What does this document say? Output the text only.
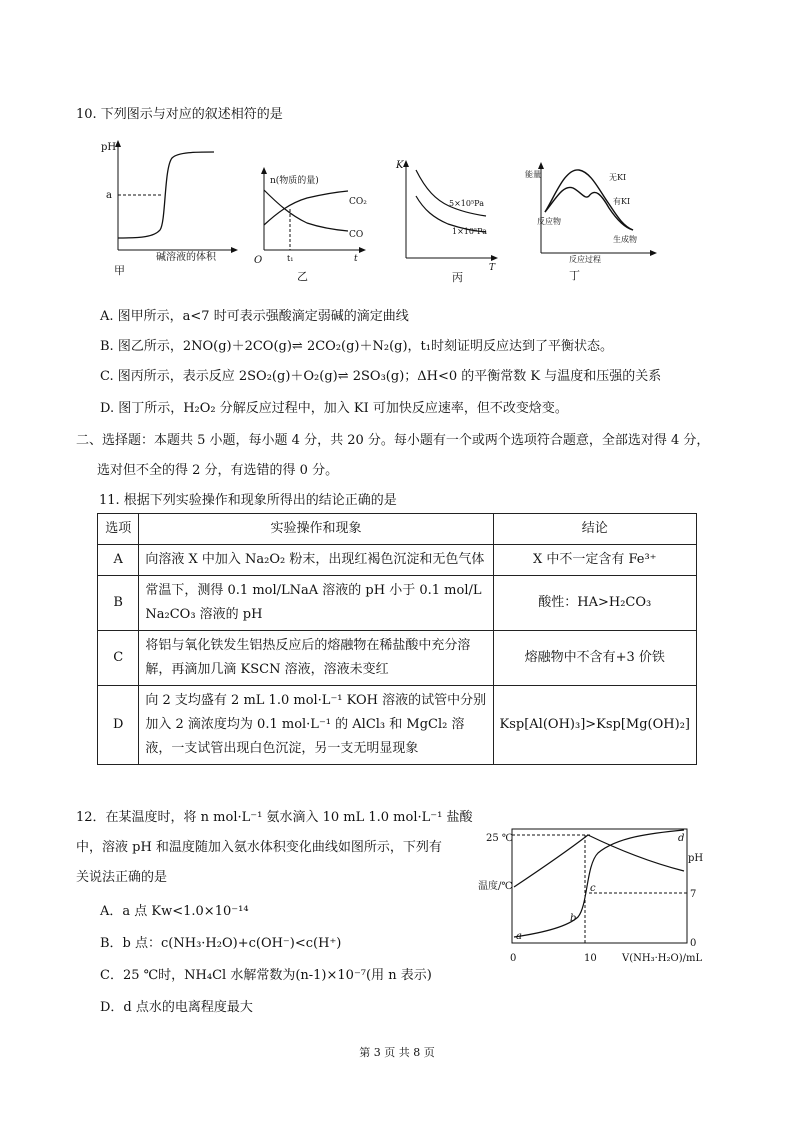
10. 下列图示与对应的叙述相符的是
pH
a
碱溶液的体积
甲
n(物质的量)
CO₂
CO
t₁	t
O
乙
K
5×10⁵Pa
1×10⁵Pa
T
丙
能量	无KI
有KI
反应物
生成物
反应过程
丁
A. 图甲所示，a<7 时可表示强酸滴定弱碱的滴定曲线
B. 图乙所示，2NO(g)＋2CO(g)⇌ 2CO₂(g)＋N₂(g)，t₁时刻证明反应达到了平衡状态。
C. 图丙所示，表示反应 2SO₂(g)＋O₂(g)⇌ 2SO₃(g)；ΔH<0 的平衡常数 K 与温度和压强的关系
D. 图丁所示，H₂O₂ 分解反应过程中，加入 KI 可加快反应速率，但不改变焓变。
二、选择题：本题共 5 小题，每小题 4 分，共 20 分。每小题有一个或两个选项符合题意，全部选对得 4 分，
选对但不全的得 2 分，有选错的得 0 分。
11. 根据下列实验操作和现象所得出的结论正确的是
选项	实验操作和现象	结论
A	向溶液 X 中加入 Na₂O₂ 粉末，出现红褐色沉淀和无色气体	X 中不一定含有 Fe³⁺
B	常温下，测得 0.1 mol/LNaA 溶液的 pH 小于 0.1 mol/L Na₂CO₃ 溶液的 pH	酸性：HA>H₂CO₃
C	将铝与氧化铁发生铝热反应后的熔融物在稀盐酸中充分溶解，再滴加几滴 KSCN 溶液，溶液未变红	熔融物中不含有+3 价铁
D	向 2 支均盛有 2 mL 1.0 mol·L⁻¹ KOH 溶液的试管中分别加入 2 滴浓度均为 0.1 mol·L⁻¹ 的 AlCl₃ 和 MgCl₂ 溶液，一支试管出现白色沉淀，另一支无明显现象	Ksp[Al(OH)₃]>Ksp[Mg(OH)₂]
12．在某温度时，将 n mol·L⁻¹ 氨水滴入 10 mL 1.0 mol·L⁻¹ 盐酸
中，溶液 pH 和温度随加入氨水体积变化曲线如图所示，下列有
关说法正确的是
A．a 点 Kw<1.0×10⁻¹⁴
B．b 点：c(NH₃·H₂O)+c(OH⁻)<c(H⁺)
C．25 ℃时，NH₄Cl 水解常数为(n-1)×10⁻⁷(用 n 表示)
D．d 点水的电离程度最大
25 ℃
温度/℃
pH
7
0
0	10	V(NH₃·H₂O)/mL
a
b
c
d
第 3 页 共 8 页
